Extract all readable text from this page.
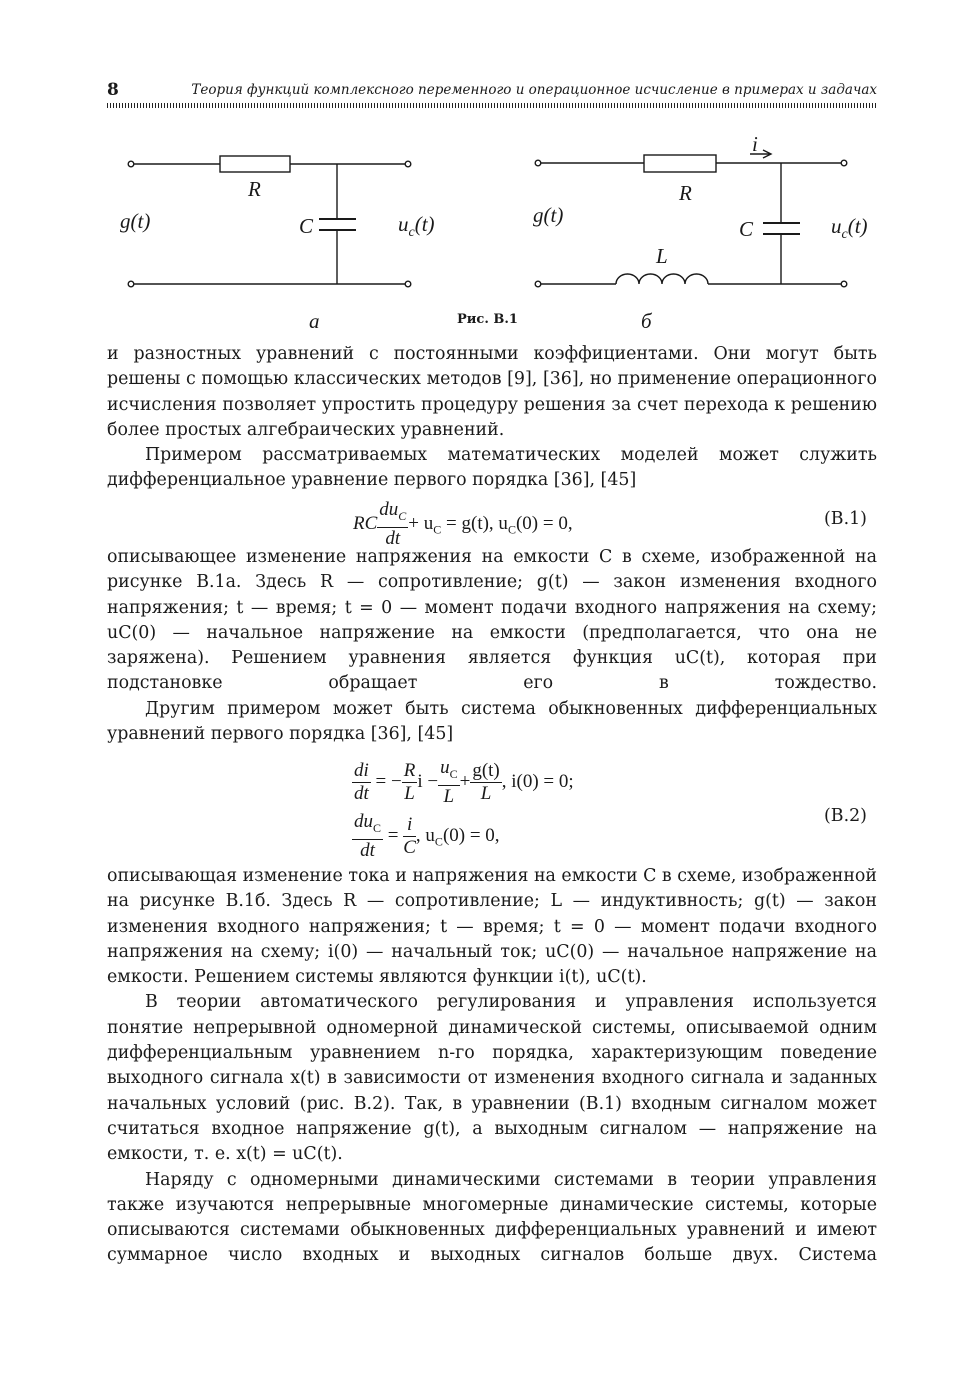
8	Теория функций комплексного переменного и операционное исчисление в примерах и задачах
g(t)
R
C	$u_c(t)$
а
g(t)
i
R
C
L
$u_c(t)$
б
Рис. В.1

и разностных уравнений с постоянными коэффициентами. Они могут быть решены с помощью классических методов [9], [36], но применение операционного исчисления позволяет упростить процедуру решения за счет перехода к решению более простых алгебраических уравнений.

Примером рассматриваемых математических моделей может служить дифференциальное уравнение первого порядка [36], [45]

RC $\frac{du_C}{dt} + u_C = g(t)$, $u_C(0) = 0$,	(В.1)

описывающее изменение напряжения на емкости C в схеме, изображенной на рисунке В.1а. Здесь R — сопротивление; g(t) — закон изменения входного напряжения; t — время; t = 0 — момент подачи входного напряжения на схему; uC(0) — начальное напряжение на емкости (предполагается, что она не заряжена). Решением уравнения является функция uC(t), которая при подстановке обращает его в тождество.

Другим примером может быть система обыкновенных дифференциальных уравнений первого порядка [36], [45]

$\frac{di}{dt}$ = − $\frac{R}{L}$ $i - \frac{u_C}{L} + \frac{g(t)}{L}$ , i(0) = 0;
$\frac{du_C}{dt} = \frac{i}{C}$ , $u_C(0) = 0$,
(В.2)

описывающая изменение тока и напряжения на емкости C в схеме, изображенной на рисунке В.1б. Здесь R — сопротивление; L — индуктивность; g(t) — закон изменения входного напряжения; t — время; t = 0 — момент подачи входного напряжения на схему; i(0) — начальный ток; uC(0) — начальное напряжение на емкости. Решением системы являются функции i(t), uC(t).

В теории автоматического регулирования и управления используется понятие непрерывной одномерной динамической системы, описываемой одним дифференциальным уравнением n-го порядка, характеризующим поведение выходного сигнала x(t) в зависимости от изменения входного сигнала и заданных начальных условий (рис. В.2). Так, в уравнении (В.1) входным сигналом может считаться входное напряжение g(t), а выходным сигналом — напряжение на емкости, т. е. x(t) = uC(t).

Наряду с одномерными динамическими системами в теории управления также изучаются непрерывные многомерные динамические системы, которые описываются системами обыкновенных дифференциальных уравнений и имеют суммарное число входных и выходных сигналов больше двух. Система
